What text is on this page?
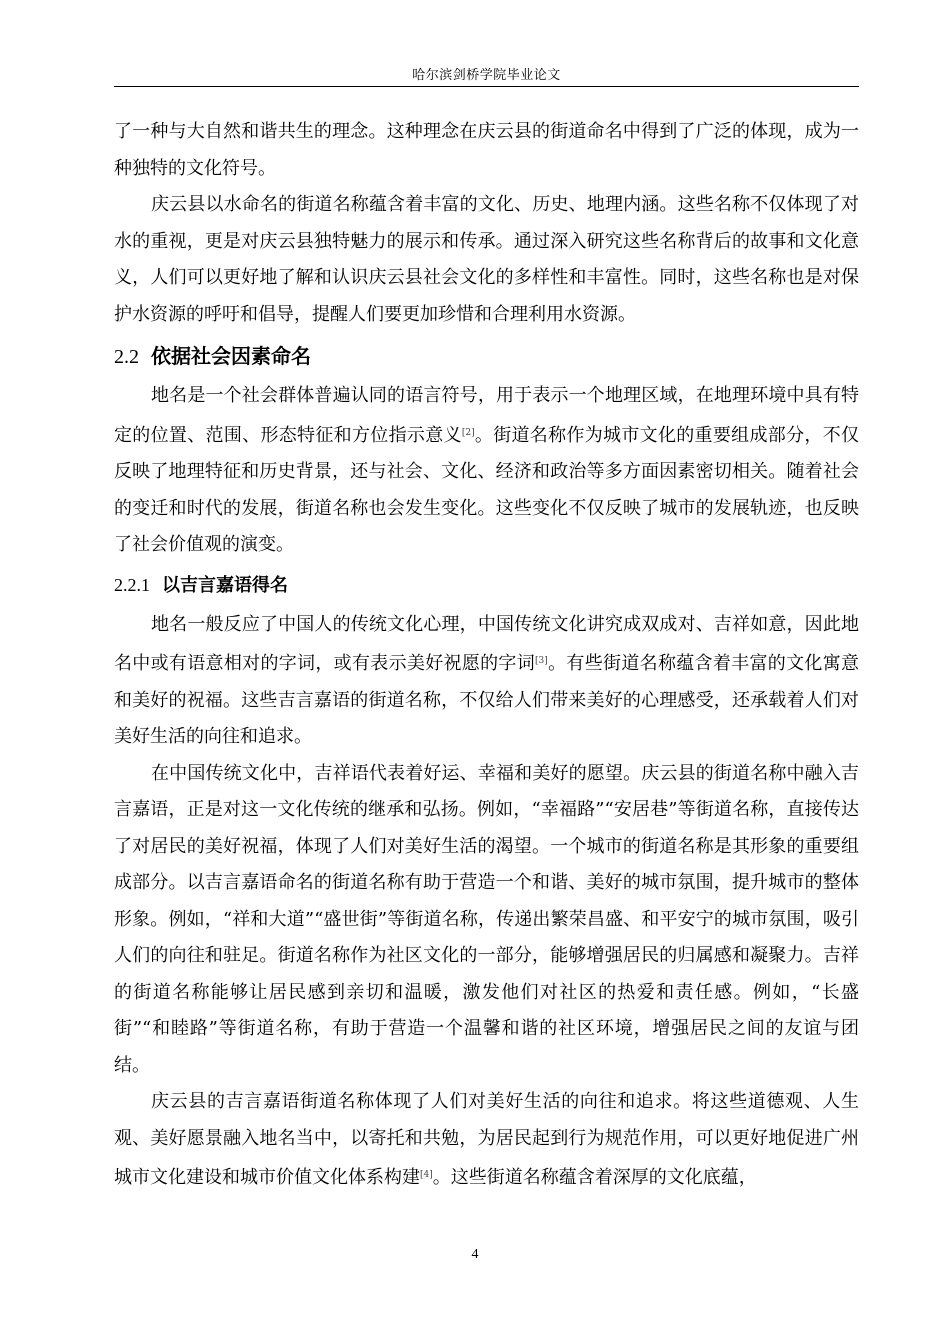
哈尔滨剑桥学院毕业论文

了一种与大自然和谐共生的理念。这种理念在庆云县的街道命名中得到了广泛的体现，成为一种独特的文化符号。

庆云县以水命名的街道名称蕴含着丰富的文化、历史、地理内涵。这些名称不仅体现了对水的重视，更是对庆云县独特魅力的展示和传承。通过深入研究这些名称背后的故事和文化意义，人们可以更好地了解和认识庆云县社会文化的多样性和丰富性。同时，这些名称也是对保护水资源的呼吁和倡导，提醒人们要更加珍惜和合理利用水资源。

2.2 依据社会因素命名

地名是一个社会群体普遍认同的语言符号，用于表示一个地理区域，在地理环境中具有特定的位置、范围、形态特征和方位指示意义[2]。街道名称作为城市文化的重要组成部分，不仅反映了地理特征和历史背景，还与社会、文化、经济和政治等多方面因素密切相关。随着社会的变迁和时代的发展，街道名称也会发生变化。这些变化不仅反映了城市的发展轨迹，也反映了社会价值观的演变。

2.2.1 以吉言嘉语得名

地名一般反应了中国人的传统文化心理，中国传统文化讲究成双成对、吉祥如意，因此地名中或有语意相对的字词，或有表示美好祝愿的字词[3]。有些街道名称蕴含着丰富的文化寓意和美好的祝福。这些吉言嘉语的街道名称，不仅给人们带来美好的心理感受，还承载着人们对美好生活的向往和追求。

在中国传统文化中，吉祥语代表着好运、幸福和美好的愿望。庆云县的街道名称中融入吉言嘉语，正是对这一文化传统的继承和弘扬。例如，“幸福路”“安居巷”等街道名称，直接传达了对居民的美好祝福，体现了人们对美好生活的渴望。一个城市的街道名称是其形象的重要组成部分。以吉言嘉语命名的街道名称有助于营造一个和谐、美好的城市氛围，提升城市的整体形象。例如，“祥和大道”“盛世街”等街道名称，传递出繁荣昌盛、和平安宁的城市氛围，吸引人们的向往和驻足。街道名称作为社区文化的一部分，能够增强居民的归属感和凝聚力。吉祥的街道名称能够让居民感到亲切和温暖，激发他们对社区的热爱和责任感。例如，“长盛街”“和睦路”等街道名称，有助于营造一个温馨和谐的社区环境，增强居民之间的友谊与团结。

庆云县的吉言嘉语街道名称体现了人们对美好生活的向往和追求。将这些道德观、人生观、美好愿景融入地名当中，以寄托和共勉，为居民起到行为规范作用，可以更好地促进广州城市文化建设和城市价值文化体系构建[4]。这些街道名称蕴含着深厚的文化底蕴，

4
